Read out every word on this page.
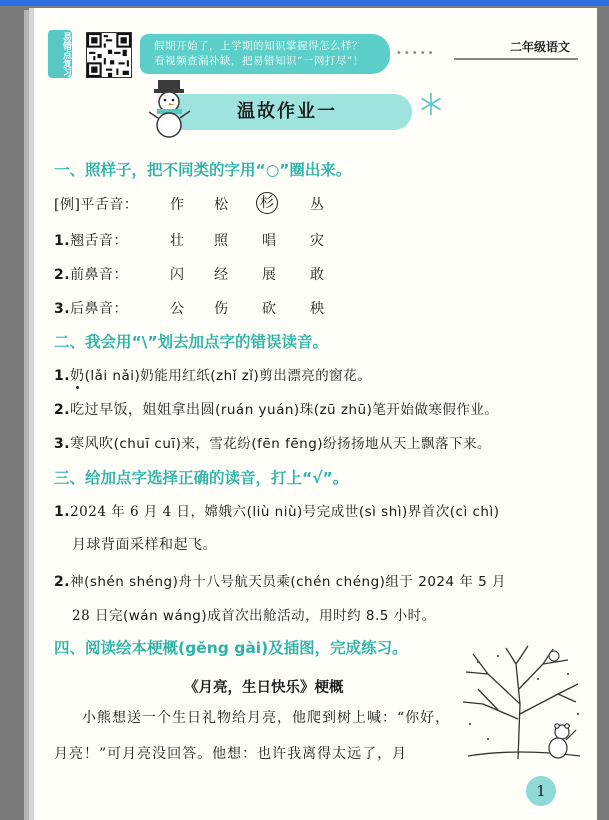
易错点复习	假期开始了，上学期的知识掌握得怎么样？
看视频查漏补缺，把易错知识“一网打尽”！
•••••	二年级语文
温故作业一
一、照样子，把不同类的字用“○”圈出来。
[例]平舌音： 作 松 杉	丛
1.翘舌音：	壮 照 唱 灾
2.前鼻音：	闪 经 展 敢
3.后鼻音：	公 伤 砍 秧
二、我会用“\”划去加点字的错误读音。
1.奶(lǎi nǎi)奶能用红纸(zhǐ zǐ)剪出漂亮的窗花。
2.吃过早饭，姐姐拿出圆(ruán yuán)珠(zū zhū)笔开始做寒假作业。
3.寒风吹(chuī cuī)来，雪花纷(fēn fēng)纷扬扬地从天上飘落下来。
三、给加点字选择正确的读音，打上“√”。
1.2024 年 6 月 4 日，嫦娥六(liù niù)号完成世(sì shì)界首次(cì chì)
月球背面采样和起飞。
2.神(shén shéng)舟十八号航天员乘(chén chéng)组于 2024 年 5 月
28 日完(wán wáng)成首次出舱活动，用时约 8.5 小时。
四、阅读绘本梗概(gěng gài)及插图，完成练习。
《月亮，生日快乐》梗概
小熊想送一个生日礼物给月亮，他爬到树上喊：“你好，月亮！”可月亮没回答。他想：也许我离得太远了，月
1
